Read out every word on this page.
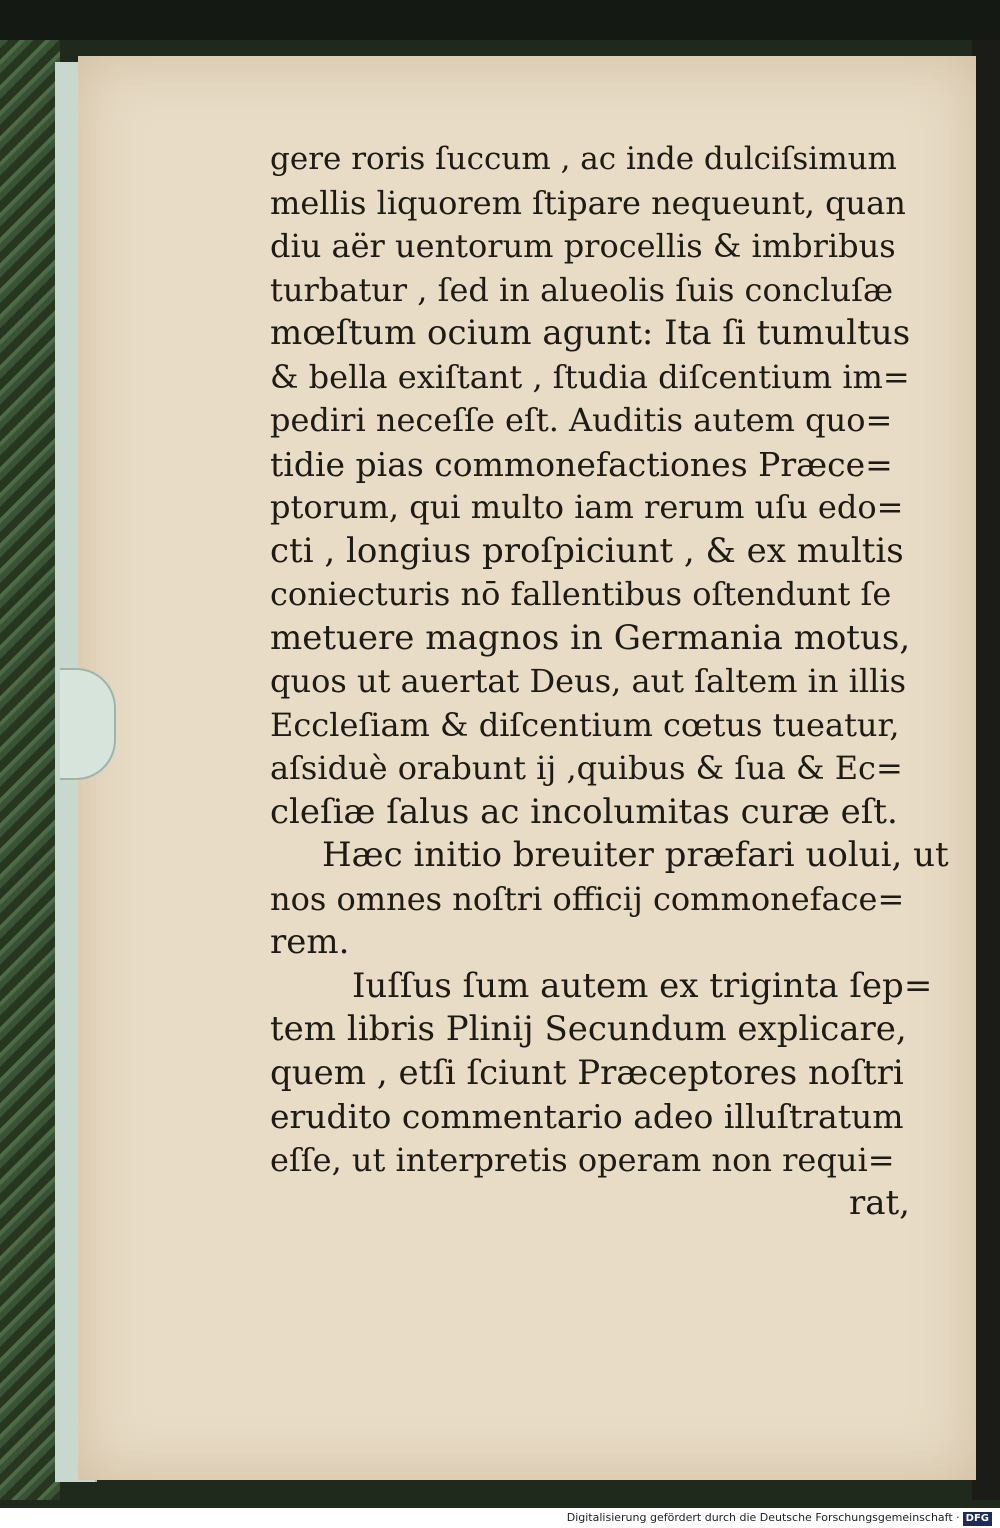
gere roris ſuccum , ac inde dulciſsimum
mellis liquorem ſtipare nequeunt, quan
diu aër uentorum procellis & imbribus
turbatur , ſed in alueolis ſuis concluſæ
mœſtum ocium agunt: Ita ſi tumultus
& bella exiſtant , ſtudia diſcentium im=
pediri neceſſe eſt. Auditis autem quo=
tidie pias commonefactiones Præce=
ptorum, qui multo iam rerum uſu edo=
cti , longius proſpiciunt , & ex multis
coniecturis nō fallentibus oſtendunt ſe
metuere magnos in Germania motus,
quos ut auertat Deus, aut ſaltem in illis
Eccleſiam & diſcentium cœtus tueatur,
aſsiduè orabunt ij ,quibus & ſua & Ec=
cleſiæ ſalus ac incolumitas curæ eſt.
Hæc initio breuiter præfari uolui, ut
nos omnes noſtri officij commoneface=
rem.
Iuſſus ſum autem ex triginta ſep=
tem libris Plinij Secundum explicare,
quem , etſi ſciunt Præceptores noſtri
erudito commentario adeo illuſtratum
eſſe, ut interpretis operam non requi=
rat,
Digitalisierung gefördert durch die Deutsche Forschungsgemeinschaft · DFG
